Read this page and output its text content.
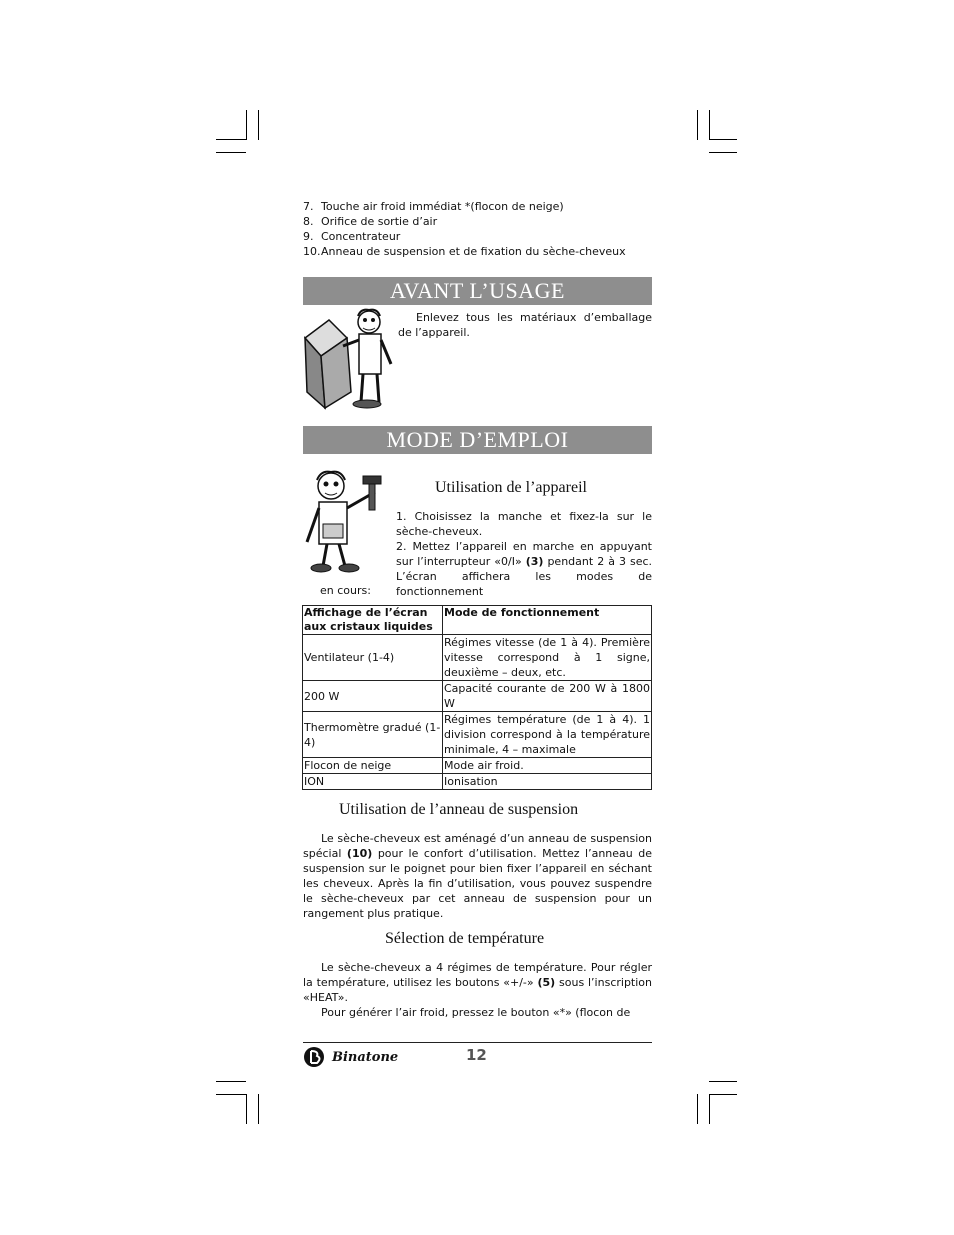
7. Touche air froid immédiat *(flocon de neige)
8. Orifice de sortie d’air
9. Concentrateur
10.Anneau de suspension et de fixation du sèche-cheveux
AVANT L’USAGE

Enlevez tous les matériaux d’emballage de l’appareil.

MODE D’EMPLOI
Utilisation de l’appareil
1. Choisissez la manche et fixez-la sur le sèche-cheveux.
2. Mettez l’appareil en marche en appuyant sur l’interrupteur «0/I» (3) pendant 2 à 3 sec. L’écran affichera les modes de fonctionnement
en cours:
Affichage de l’écran aux cristaux liquides	Mode de fonctionnement
Ventilateur (1-4)	Régimes vitesse (de 1 à 4). Première vitesse correspond à 1 signe, deuxième – deux, etc.
200 W	Capacité courante de 200 W à 1800 W
Thermomètre gradué (1-4)	Régimes température (de 1 à 4). 1 division correspond à la température minimale, 4 – maximale
Flocon de neige	Mode air froid.
ION	Ionisation
Utilisation de l’anneau de suspension

Le sèche-cheveux est aménagé d’un anneau de suspension spécial (10) pour le confort d’utilisation. Mettez l’anneau de suspension sur le poignet pour bien fixer l’appareil en séchant les cheveux. Après la fin d’utilisation, vous pouvez suspendre le sèche-cheveux par cet anneau de suspension pour un rangement plus pratique.

Sélection de température

Le sèche-cheveux a 4 régimes de température. Pour régler la température, utilisez les boutons «+/-» (5) sous l’inscription «HEAT».

Pour générer l’air froid, pressez le bouton «*» (flocon de

Binatone	12
